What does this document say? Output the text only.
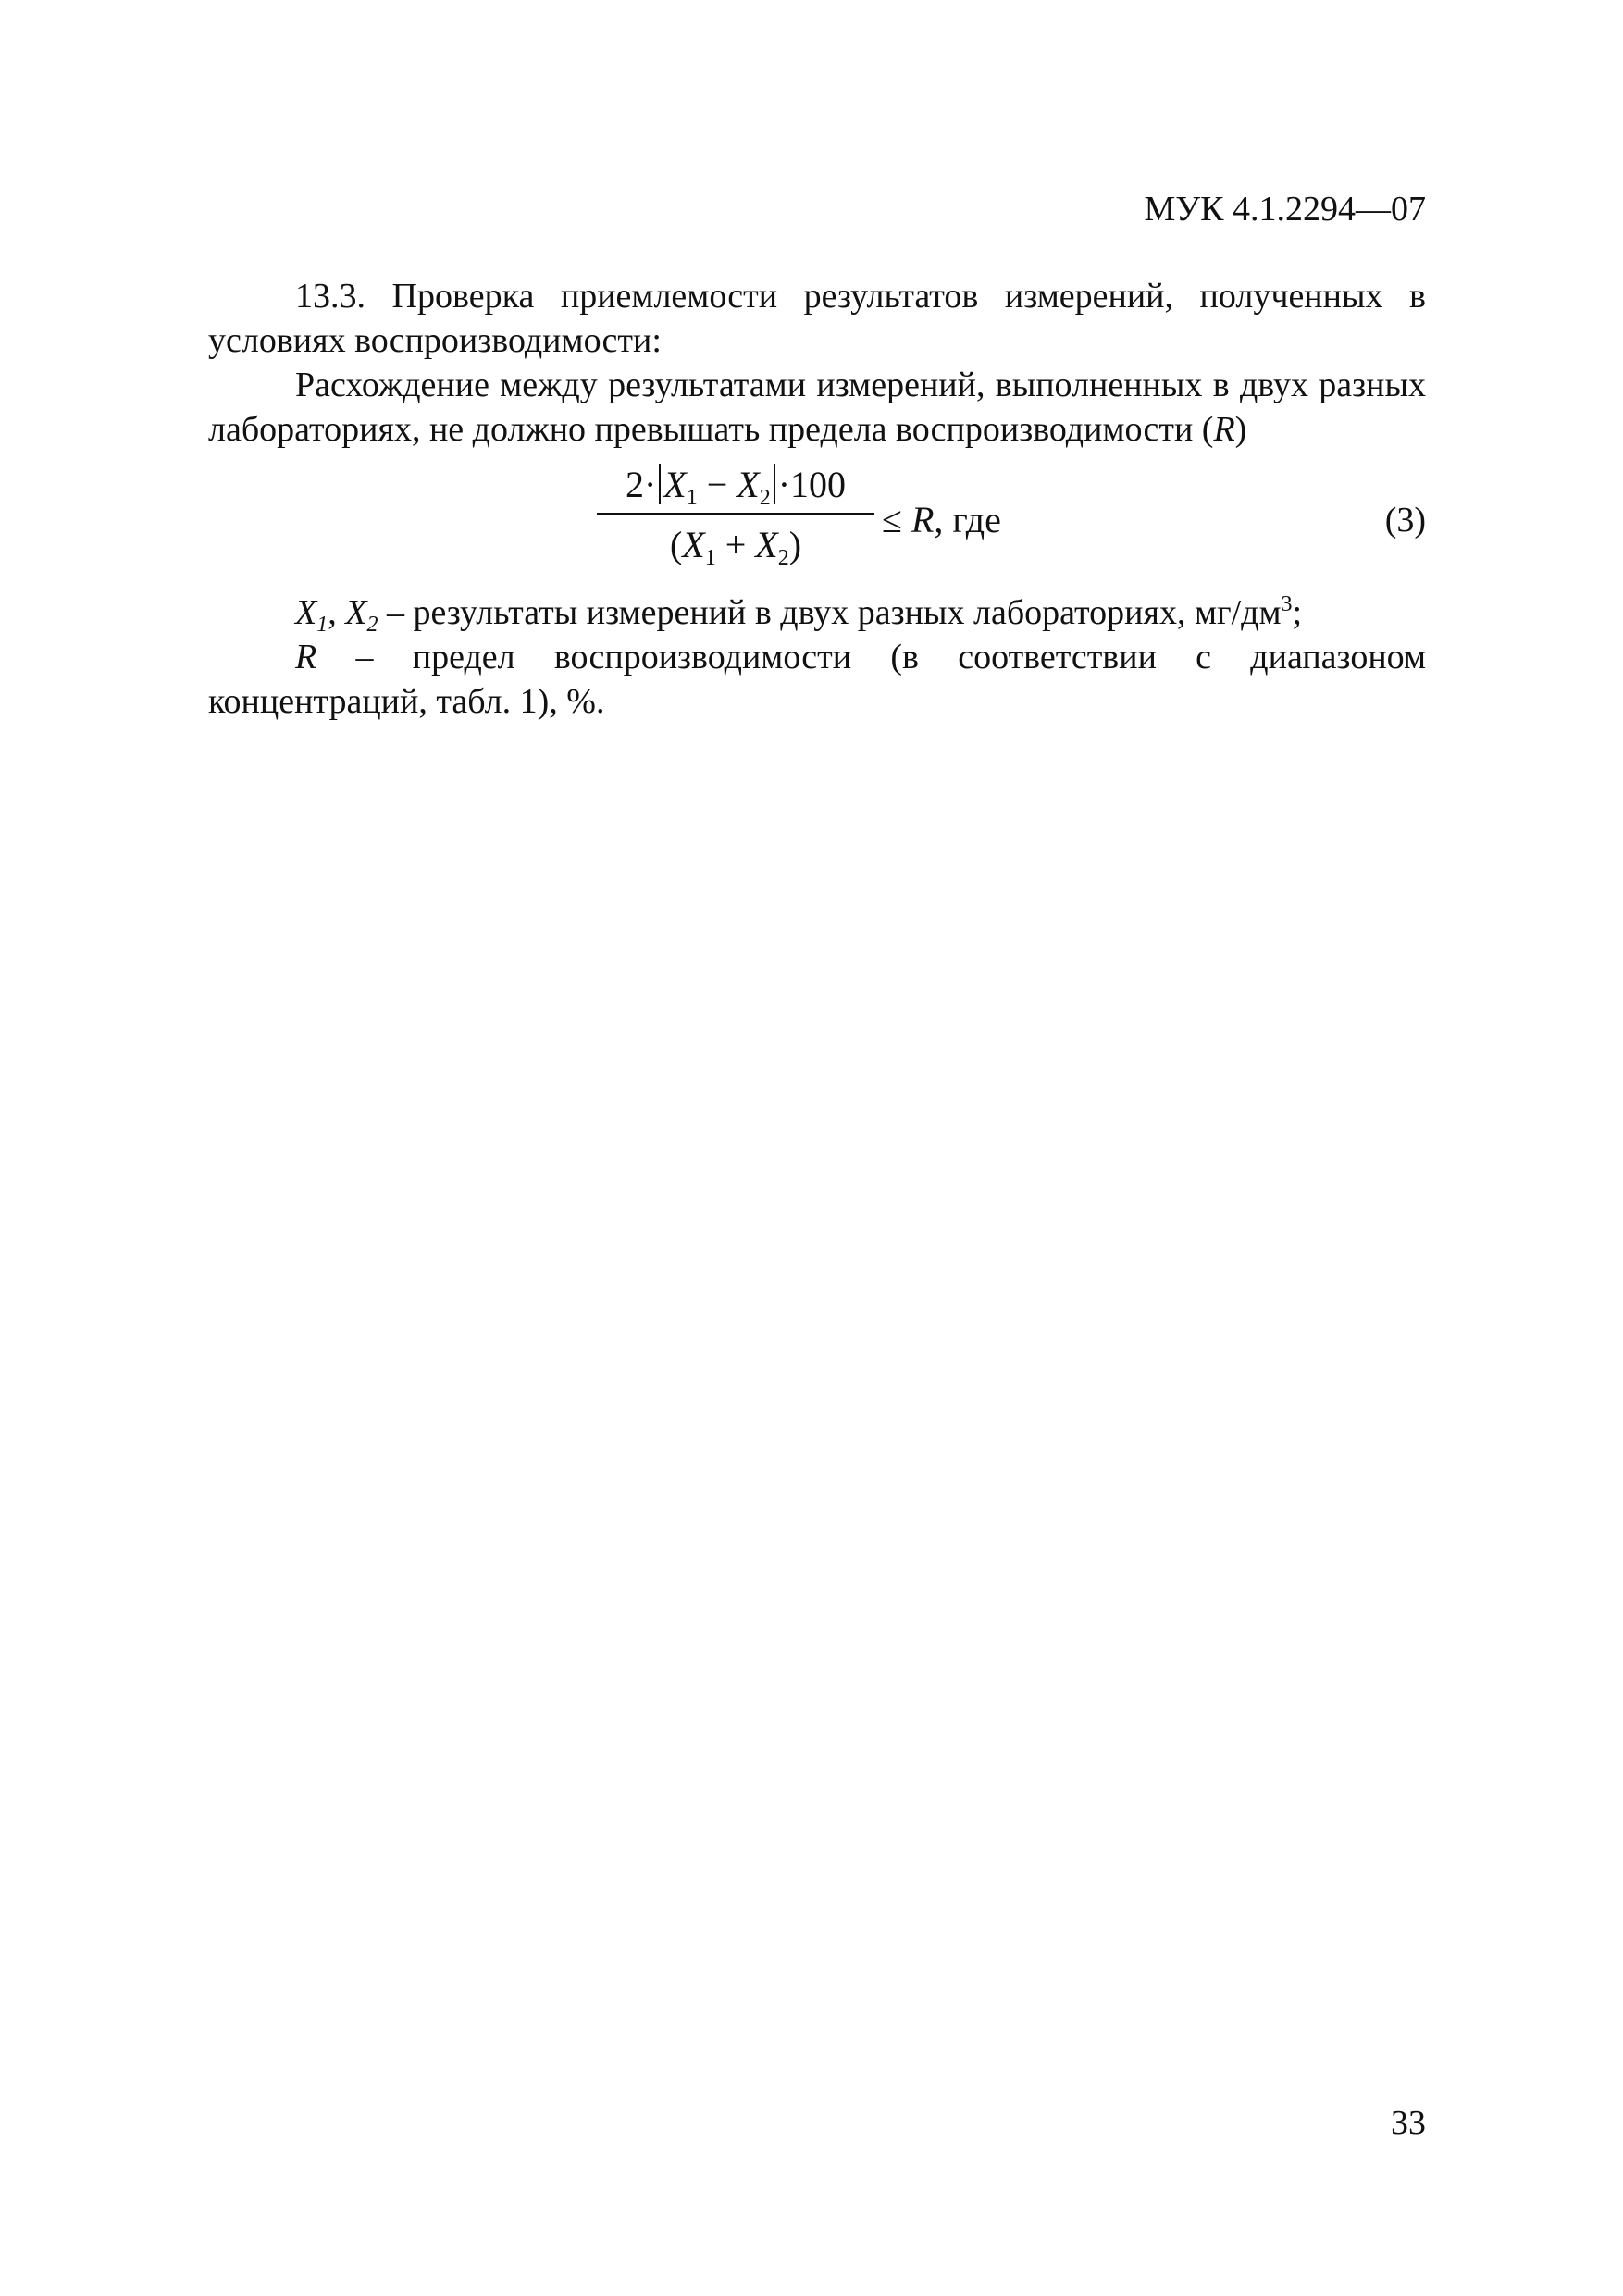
МУК 4.1.2294—07

13.3. Проверка приемлемости результатов измерений, полученных в условиях воспроизводимости:

Расхождение между результатами измерений, выполненных в двух разных лабораториях, не должно превышать предела воспроизводимости (R)

$2\cdot X_1 - X_2 \cdot 100$
$(X_1 + X_2)$
≤ R, где	(3)

$X_1$, $X_2$ – результаты измерений в двух разных лабораториях, $мг/дм^3$;

R – предел воспроизводимости (в соответствии с диапазоном концентраций, табл. 1), %.

33
